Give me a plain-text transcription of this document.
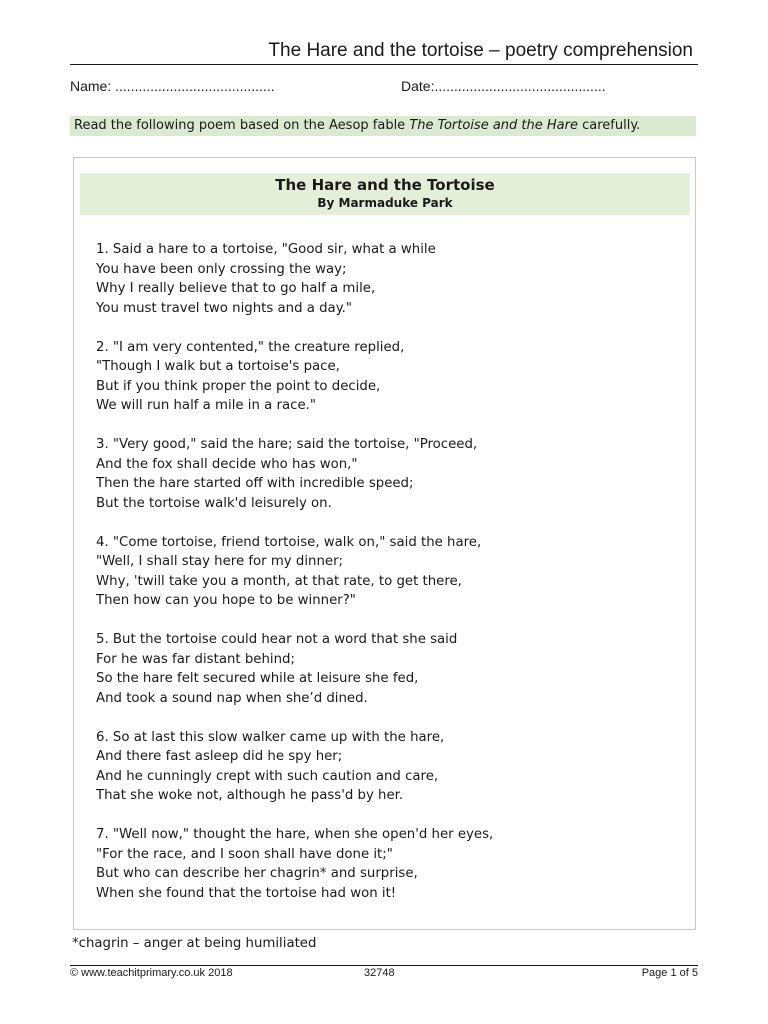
The Hare and the tortoise – poetry comprehension
Name: .........................................	Date:............................................
Read the following poem based on the Aesop fable The Tortoise and the Hare carefully.
The Hare and the Tortoise
By Marmaduke Park
1. Said a hare to a tortoise, "Good sir, what a while
You have been only crossing the way;
Why I really believe that to go half a mile,
You must travel two nights and a day."
2. "I am very contented," the creature replied,
"Though I walk but a tortoise's pace,
But if you think proper the point to decide,
We will run half a mile in a race."
3. "Very good," said the hare; said the tortoise, "Proceed,
And the fox shall decide who has won,"
Then the hare started off with incredible speed;
But the tortoise walk'd leisurely on.
4. "Come tortoise, friend tortoise, walk on," said the hare,
"Well, I shall stay here for my dinner;
Why, 'twill take you a month, at that rate, to get there,
Then how can you hope to be winner?"
5. But the tortoise could hear not a word that she said
For he was far distant behind;
So the hare felt secured while at leisure she fed,
And took a sound nap when she’d dined.
6. So at last this slow walker came up with the hare,
And there fast asleep did he spy her;
And he cunningly crept with such caution and care,
That she woke not, although he pass'd by her.
7. "Well now," thought the hare, when she open'd her eyes,
"For the race, and I soon shall have done it;"
But who can describe her chagrin* and surprise,
When she found that the tortoise had won it!
*chagrin – anger at being humiliated
© www.teachitprimary.co.uk 2018	32748	Page 1 of 5
